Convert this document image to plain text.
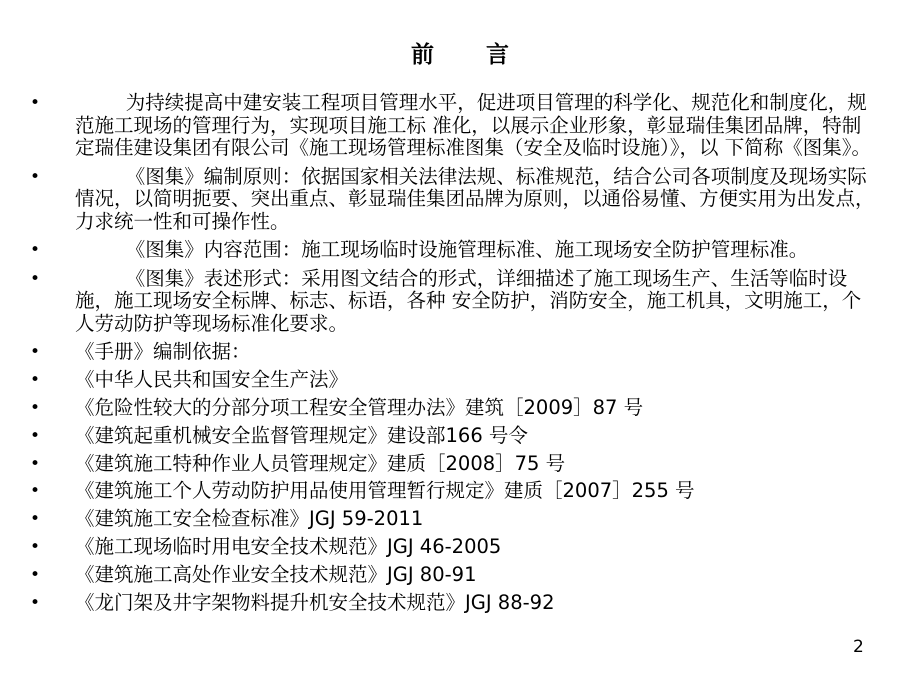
前 言
• 为持续提高中建安装工程项目管理水平，促进项目管理的科学化、规范化和制度化，规范施工现场的管理行为，实现项目施工标 准化，以展示企业形象，彰显瑞佳集团品牌，特制定瑞佳建设集团有限公司《施工现场管理标准图集（安全及临时设施）》，以 下简称《图集》。
• 《图集》编制原则：依据国家相关法律法规、标准规范，结合公司各项制度及现场实际情况，以简明扼要、突出重点、彰显瑞佳集团品牌为原则，以通俗易懂、方便实用为出发点，力求统一性和可操作性。
• 《图集》内容范围：施工现场临时设施管理标准、施工现场安全防护管理标准。
• 《图集》表述形式：采用图文结合的形式，详细描述了施工现场生产、生活等临时设施，施工现场安全标牌、标志、标语，各种 安全防护，消防安全，施工机具，文明施工，个人劳动防护等现场标准化要求。
• 《手册》编制依据：
• 《中华人民共和国安全生产法》
• 《危险性较大的分部分项工程安全管理办法》建筑［2009］87 号
• 《建筑起重机械安全监督管理规定》建设部166 号令
• 《建筑施工特种作业人员管理规定》建质［2008］75 号
• 《建筑施工个人劳动防护用品使用管理暂行规定》建质［2007］255 号
• 《建筑施工安全检查标准》JGJ 59-2011
• 《施工现场临时用电安全技术规范》JGJ 46-2005
• 《建筑施工高处作业安全技术规范》JGJ 80-91
• 《龙门架及井字架物料提升机安全技术规范》JGJ 88-92
2
